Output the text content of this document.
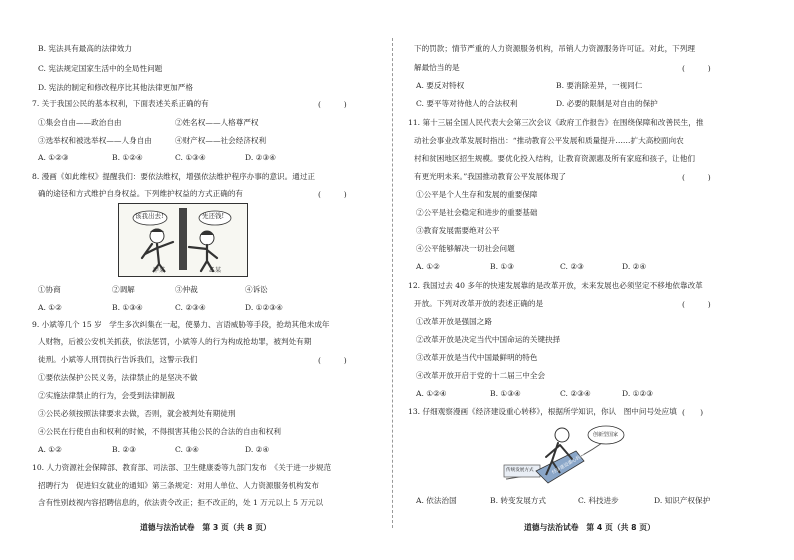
B. 宪法具有最高的法律效力
C. 宪法规定国家生活中的全局性问题
D. 宪法的制定和修改程序比其他法律更加严格
7. 关于我国公民的基本权利，下面表述关系正确的有	(　　　)
①集会自由——政治自由	②姓名权——人格尊严权
③选举权和被选举权——人身自由	④财产权——社会经济权利
A. ①②③	B. ①②④	C. ①③④	D. ②③④
8. 漫画《如此维权》提醒我们：要依法维权，增强依法维护程序办事的意识。通过正
确的途径和方式维护自身权益。下列维护权益的方式正确的有	(　　　)
该我出去!	先还钱!
甲某	乙某
①协商	②调解	③仲裁	④诉讼
A. ①②	B. ①③④	C. ②③④	D. ①②③④
9. 小斌等几个 15 岁　学生多次纠集在一起，使暴力、言语威胁等手段，抢劫其他未成年
人财物，后被公安机关抓获，依法惩罚，小斌等人的行为构成抢劫罪，被判处有期
徒刑。小斌等人刑罚执行告诉我们，这警示我们	(　　　)
①要依法保护公民义务，法律禁止的是坚决不做
②实施法律禁止的行为，会受到法律制裁
③公民必须按照法律要求去做，否则，就会被判处有期徒刑
④公民在行使自由和权利的时候，不得损害其他公民的合法的自由和权利
A. ①②	B. ②③	C. ③④	D. ②④
10. 人力资源社会保障部、教育部、司法部、卫生健康委等九部门发布　《关于进一步规范
招聘行为　促进妇女就业的通知》第三条规定：对用人单位、人力资源服务机构发布
含有性别歧视内容招聘信息的，依法责令改正；拒不改正的，处 1 万元以上 5 万元以
道德与法治试卷　第 3 页（共 8 页）
下的罚款；情节严重的人力资源服务机构，吊销人力资源服务许可证。对此，下列理
解最恰当的是	(　　　)
A. 要反对特权	B. 要消除差异，一视同仁
C. 要平等对待他人的合法权利	D. 必要的限制是对自由的保护
11. 第十三届全国人民代表大会第三次会议《政府工作报告》在围绕保障和改善民生，推
动社会事业改革发展时指出：“推动教育公平发展和质量提升……扩大高校面向农
村和贫困地区招生规模。要优化投入结构，让教育资源惠及所有家庭和孩子，让他们
有更光明未来。”我国推动教育公平发展体现了	(　　　)
①公平是个人生存和发展的重要保障
②公平是社会稳定和进步的重要基础
③教育发展需要绝对公平
④公平能够解决一切社会问题
A. ①②	B. ①③	C. ②③	D. ②④
12. 我国过去 40 多年的快速发展靠的是改革开放，未来发展也必须坚定不移地依靠改革
开放。下列对改革开放的表述正确的是	(　　　)
①改革开放是强国之路
②改革开放是决定当代中国命运的关键抉择
③改革开放是当代中国最鲜明的特色
④改革开放开启于党的十二届三中全会
A. ①②④	B. ①③④	C. ②③④	D. ①②③
13. 仔细观察漫画《经济建设重心转移》，根据所学知识，你认　图中问号处应填 (　　)
传统发展方式	经济建设重心转移
创新型国家
A. 依法治国	B. 转变发展方式	C. 科技进步	D. 知识产权保护
道德与法治试卷　第 4 页（共 8 页）
